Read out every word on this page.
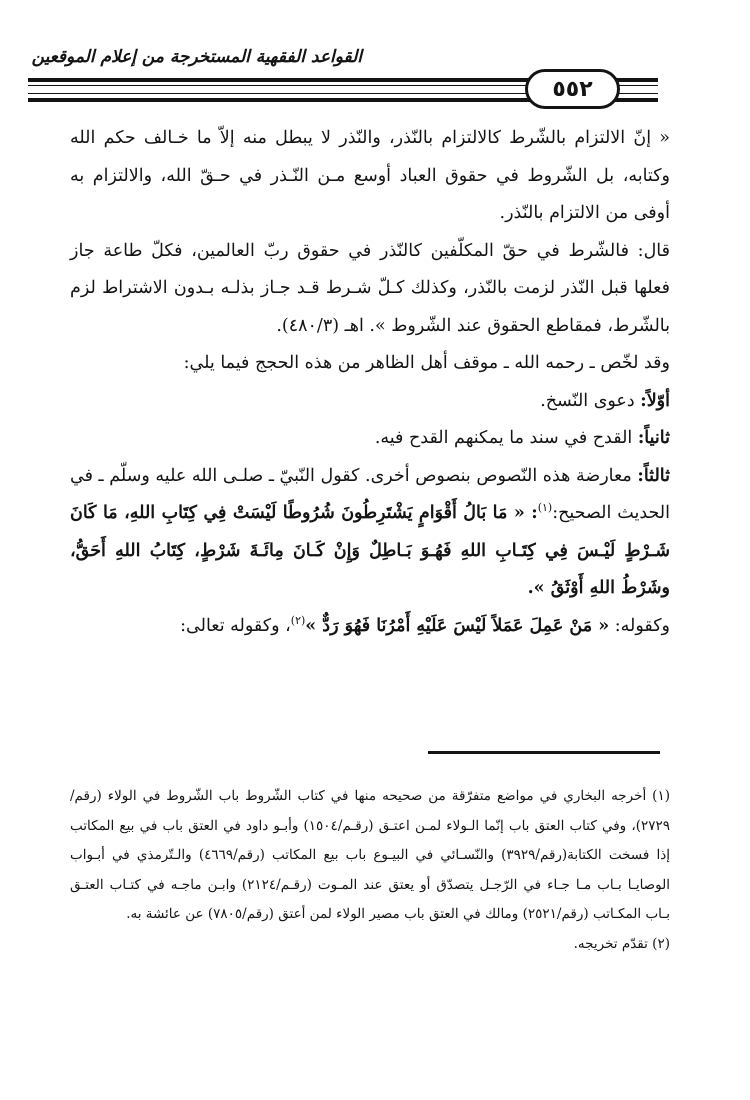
القواعد الفقهية المستخرجة من إعلام الموقعين
٥٥٢

« إنّ الالتزام بالشّرط كالالتزام بالنّذر، والنّذر لا يبطل منه إلاّ ما خـالف حكم الله وكتابه، بل الشّروط في حقوق العباد أوسع مـن النّـذر في حـقّ الله، والالتزام به أوفى من الالتزام بالنّذر.

قال: فالشّرط في حقّ المكلّفين كالنّذر في حقوق ربّ العالمين، فكلّ طاعة جاز فعلها قبل النّذر لزمت بالنّذر، وكذلك كـلّ شـرط قـد جـاز بذلـه بـدون الاشتراط لزم بالشّرط، فمقاطع الحقوق عند الشّروط ». اهـ (٤٨٠/٣).

وقد لخّص ـ رحمه الله ـ موقف أهل الظاهر من هذه الحجج فيما يلي:

أوّلاً: دعوى النّسخ.

ثانياً: القدح في سند ما يمكنهم القدح فيه.

ثالثاً: معارضة هذه النّصوص بنصوص أخرى. كقول النّبيّ ـ صلـى الله عليه وسلّم ـ في الحديث الصحيح:$^{(١)}$: « مَا بَالُ أَقْوَامٍ يَشْتَرِطُونَ شُرُوطًا لَيْسَتْ فِي كِتَابِ اللهِ، مَا كَانَ شَـرْطٍ لَيْـسَ فِي كِتَـابِ اللهِ فَهُـوَ بَـاطِلٌ وَإِنْ كَـانَ مِائَـةَ شَرْطٍ، كِتَابُ اللهِ أَحَقُّ، وشَرْطُ اللهِ أَوْثَقُ ».

وكقوله: « مَنْ عَمِلَ عَمَلاً لَيْسَ عَلَيْهِ أَمْرُنَا فَهُوَ رَدٌّ »$^{(٢)}$، وكقوله تعالى:

(١) أخرجه البخاري في مواضع متفرّقة من صحيحه منها في كتاب الشّروط باب الشّروط في الولاء (رقم/٢٧٢٩)، وفي كتاب العتق باب إنّما الـولاء لمـن اعتـق (رقـم/١٥٠٤) وأبـو داود في العتق باب في بيع المكاتب إذا فسخت الكتابة(رقم/٣٩٢٩) والنّسـائي في البيـوع باب بيع المكاتب (رقم/٤٦٦٩) والـتّرمذي في أبـواب الوصايـا بـاب مـا جـاء في الرّجـل يتصدّق أو يعتق عند المـوت (رقـم/٢١٢٤) وابـن ماجـه في كتـاب العتـق بـاب المكـاتب (رقم/٢٥٢١) ومالك في العتق باب مصير الولاء لمن أعتق (رقم/٧٨٠٥) عن عائشة به.

(٢) تقدّم تخريجه.
